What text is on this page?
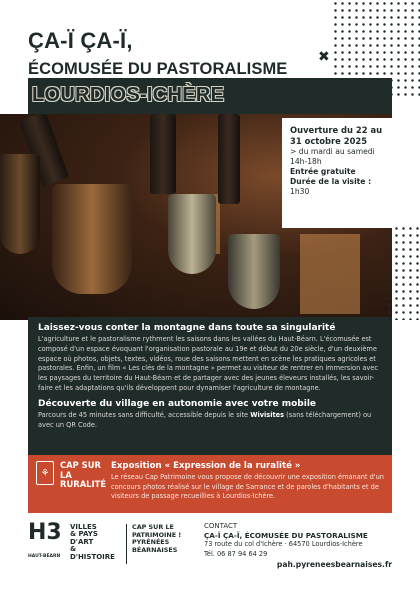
ÇA-Ï ÇA-Ï,
ÉCOMUSÉE DU PASTORALISME
✖
LOURDIOS-ICHÈRE
Ouverture du 22 au 31 octobre 2025
> du mardi au samedi
14h-18h
Entrée gratuite
Durée de la visite : 1h30
Laissez-vous conter la montagne dans toute sa singularité
L'agriculture et le pastoralisme rythment les saisons dans les vallées du Haut-Béarn. L'écomusée est composé d'un espace évoquant l'organisation pastorale au 19e et début du 20e siècle, d'un deuxième espace où photos, objets, textes, vidéos, roue des saisons mettent en scène les pratiques agricoles et pastorales. Enfin, un film « Les clés de la montagne » permet au visiteur de rentrer en immersion avec les paysages du territoire du Haut-Béarn et de partager avec des jeunes éleveurs installés, les savoir-faire et les adaptations qu'ils développent pour dynamiser l'agriculture de montagne.
Découverte du village en autonomie avec votre mobile
Parcours de 45 minutes sans difficulté, accessible depuis le site Wivisites (sans téléchargement) ou avec un QR Code.
⚘
CAP SUR LA RURALITÉ
Exposition « Expression de la ruralité »
Le réseau Cap Patrimoine vous propose de découvrir une exposition émanant d'un concours photos réalisé sur le village de Sarrance et de paroles d'habitants et de visiteurs de passage recueillies à Lourdios-Ichère.
H3
HAUT-BÉARN
VILLES & PAYS D'ART & D'HISTOIRE
CAP SUR LE PATRIMOINE ! PYRÉNÉES BÉARNAISES
CONTACT
ÇA-Ï ÇA-Ï, ÉCOMUSÉE DU PASTORALISME
73 route du col d'Ichère · 64570 Lourdios-Ichère
Tél. 06 87 94 64 29
pah.pyreneesbearnaises.fr
